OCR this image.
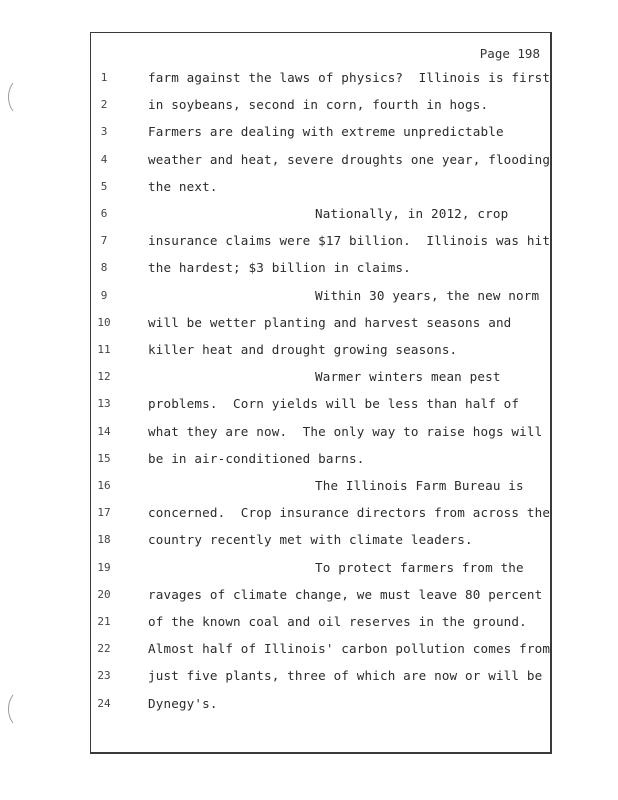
Page 198
1	farm against the laws of physics?  Illinois is first
2	in soybeans, second in corn, fourth in hogs.
3	Farmers are dealing with extreme unpredictable
4	weather and heat, severe droughts one year, flooding
5	the next.
6	Nationally, in 2012, crop
7	insurance claims were $17 billion.  Illinois was hit
8	the hardest; $3 billion in claims.
9	Within 30 years, the new norm
10	will be wetter planting and harvest seasons and
11	killer heat and drought growing seasons.
12	Warmer winters mean pest
13	problems.  Corn yields will be less than half of
14	what they are now.  The only way to raise hogs will
15	be in air-conditioned barns.
16	The Illinois Farm Bureau is
17	concerned.  Crop insurance directors from across the
18	country recently met with climate leaders.
19	To protect farmers from the
20	ravages of climate change, we must leave 80 percent
21	of the known coal and oil reserves in the ground.
22	Almost half of Illinois' carbon pollution comes from
23	just five plants, three of which are now or will be
24	Dynegy's.
